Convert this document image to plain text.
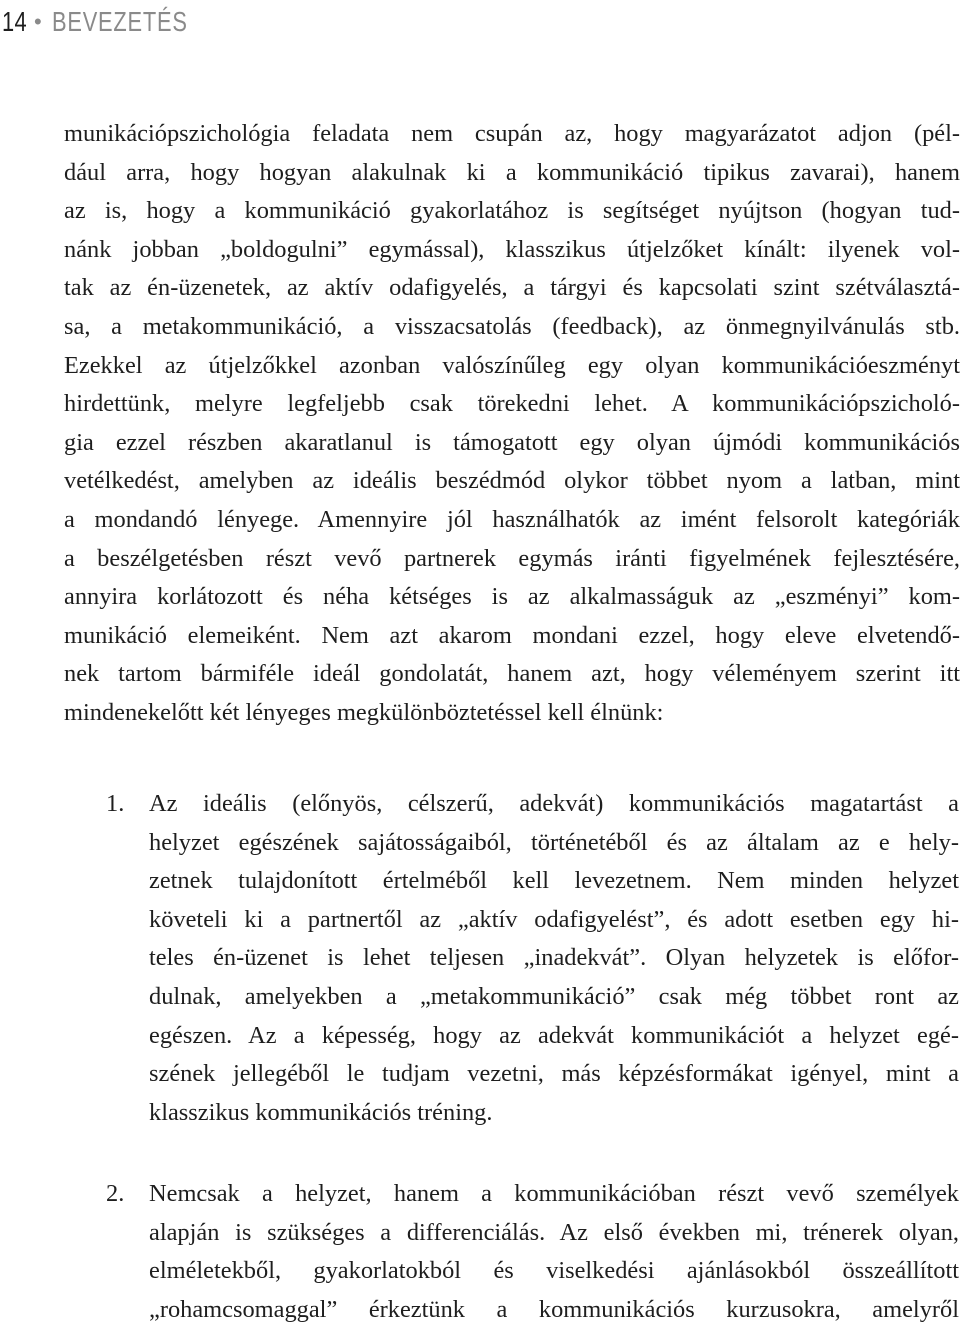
14 • BEVEZETÉS
munikációpszichológia feladata nem csupán az, hogy magyarázatot adjon (pél-
dául arra, hogy hogyan alakulnak ki a kommunikáció tipikus zavarai), hanem
az is, hogy a kommunikáció gyakorlatához is segítséget nyújtson (hogyan tud-
nánk jobban „boldogulni” egymással), klasszikus útjelzőket kínált: ilyenek vol-
tak az én-üzenetek, az aktív odafigyelés, a tárgyi és kapcsolati szint szétválasztá-
sa, a metakommunikáció, a visszacsatolás (feedback), az önmegnyilvánulás stb.
Ezekkel az útjelzőkkel azonban valószínűleg egy olyan kommunikációeszményt
hirdettünk, melyre legfeljebb csak törekedni lehet. A kommunikációpszicholó-
gia ezzel részben akaratlanul is támogatott egy olyan újmódi kommunikációs
vetélkedést, amelyben az ideális beszédmód olykor többet nyom a latban, mint
a mondandó lényege. Amennyire jól használhatók az imént felsorolt kategóriák
a beszélgetésben részt vevő partnerek egymás iránti figyelmének fejlesztésére,
annyira korlátozott és néha kétséges is az alkalmasságuk az „eszményi” kom-
munikáció elemeiként. Nem azt akarom mondani ezzel, hogy eleve elvetendő-
nek tartom bármiféle ideál gondolatát, hanem azt, hogy véleményem szerint itt
mindenekelőtt két lényeges megkülönböztetéssel kell élnünk:
1. Az ideális (előnyös, célszerű, adekvát) kommunikációs magatartást a
helyzet egészének sajátosságaiból, történetéből és az általam az e hely-
zetnek tulajdonított értelméből kell levezetnem. Nem minden helyzet
követeli ki a partnertől az „aktív odafigyelést”, és adott esetben egy hi-
teles én-üzenet is lehet teljesen „inadekvát”. Olyan helyzetek is előfor-
dulnak, amelyekben a „metakommunikáció” csak még többet ront az
egészen. Az a képesség, hogy az adekvát kommunikációt a helyzet egé-
szének jellegéből le tudjam vezetni, más képzésformákat igényel, mint a
klasszikus kommunikációs tréning.
2. Nemcsak a helyzet, hanem a kommunikációban részt vevő személyek
alapján is szükséges a differenciálás. Az első években mi, trénerek olyan,
elméletekből, gyakorlatokból és viselkedési ajánlásokból összeállított
„rohamcsomaggal” érkeztünk a kommunikációs kurzusokra, amelyről
